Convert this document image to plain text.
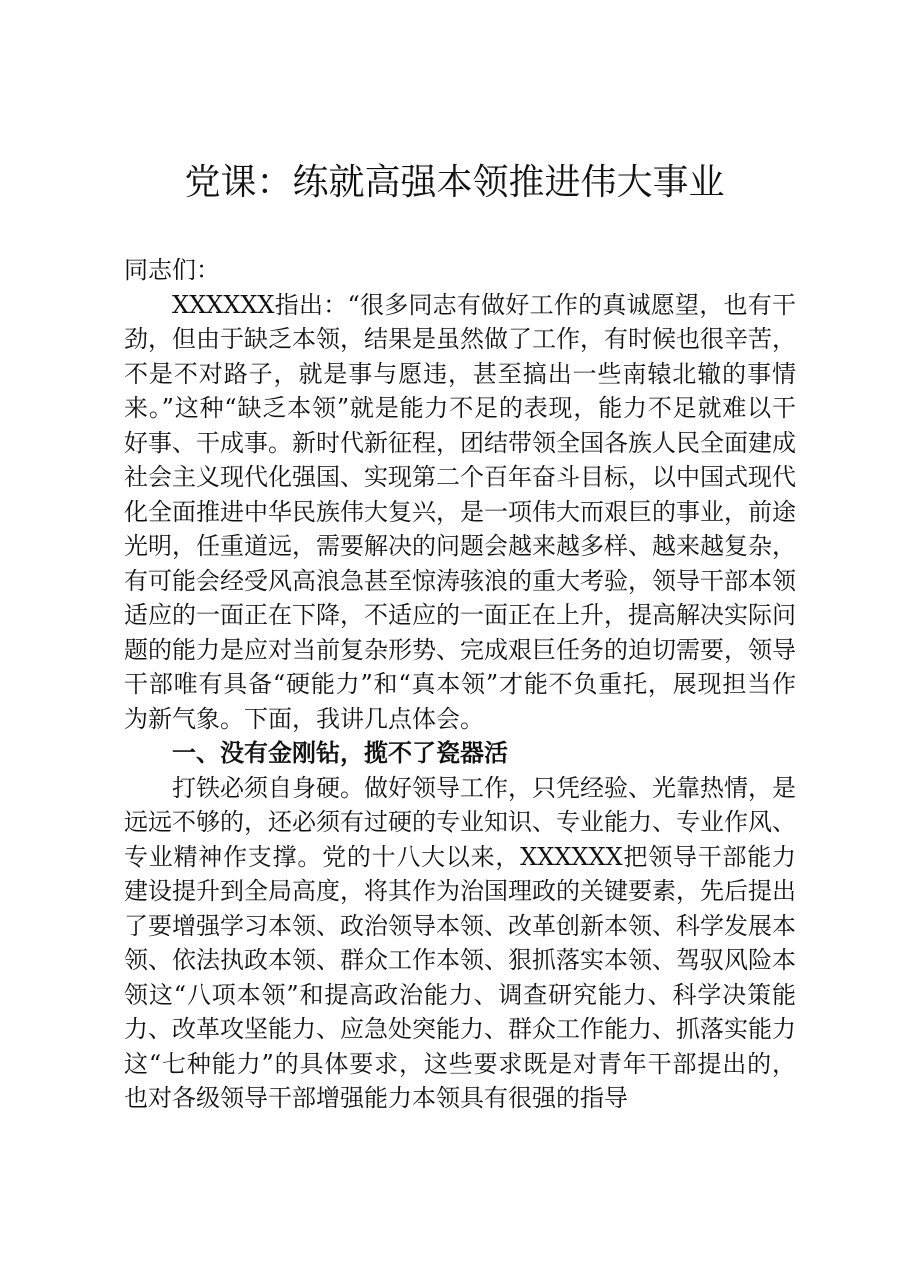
党课：练就高强本领推进伟大事业

同志们：

XXXXXX指出：“很多同志有做好工作的真诚愿望，也有干劲，但由于缺乏本领，结果是虽然做了工作，有时候也很辛苦，不是不对路子，就是事与愿违，甚至搞出一些南辕北辙的事情来。”这种“缺乏本领”就是能力不足的表现，能力不足就难以干好事、干成事。新时代新征程，团结带领全国各族人民全面建成社会主义现代化强国、实现第二个百年奋斗目标，以中国式现代化全面推进中华民族伟大复兴，是一项伟大而艰巨的事业，前途光明，任重道远，需要解决的问题会越来越多样、越来越复杂，有可能会经受风高浪急甚至惊涛骇浪的重大考验，领导干部本领适应的一面正在下降，不适应的一面正在上升，提高解决实际问题的能力是应对当前复杂形势、完成艰巨任务的迫切需要，领导干部唯有具备“硬能力”和“真本领”才能不负重托，展现担当作为新气象。下面，我讲几点体会。

一、没有金刚钻，揽不了瓷器活

打铁必须自身硬。做好领导工作，只凭经验、光靠热情，是远远不够的，还必须有过硬的专业知识、专业能力、专业作风、专业精神作支撑。党的十八大以来，XXXXXX把领导干部能力建设提升到全局高度，将其作为治国理政的关键要素，先后提出了要增强学习本领、政治领导本领、改革创新本领、科学发展本领、依法执政本领、群众工作本领、狠抓落实本领、驾驭风险本领这“八项本领”和提高政治能力、调查研究能力、科学决策能力、改革攻坚能力、应急处突能力、群众工作能力、抓落实能力这“七种能力”的具体要求，这些要求既是对青年干部提出的，也对各级领导干部增强能力本领具有很强的指导
